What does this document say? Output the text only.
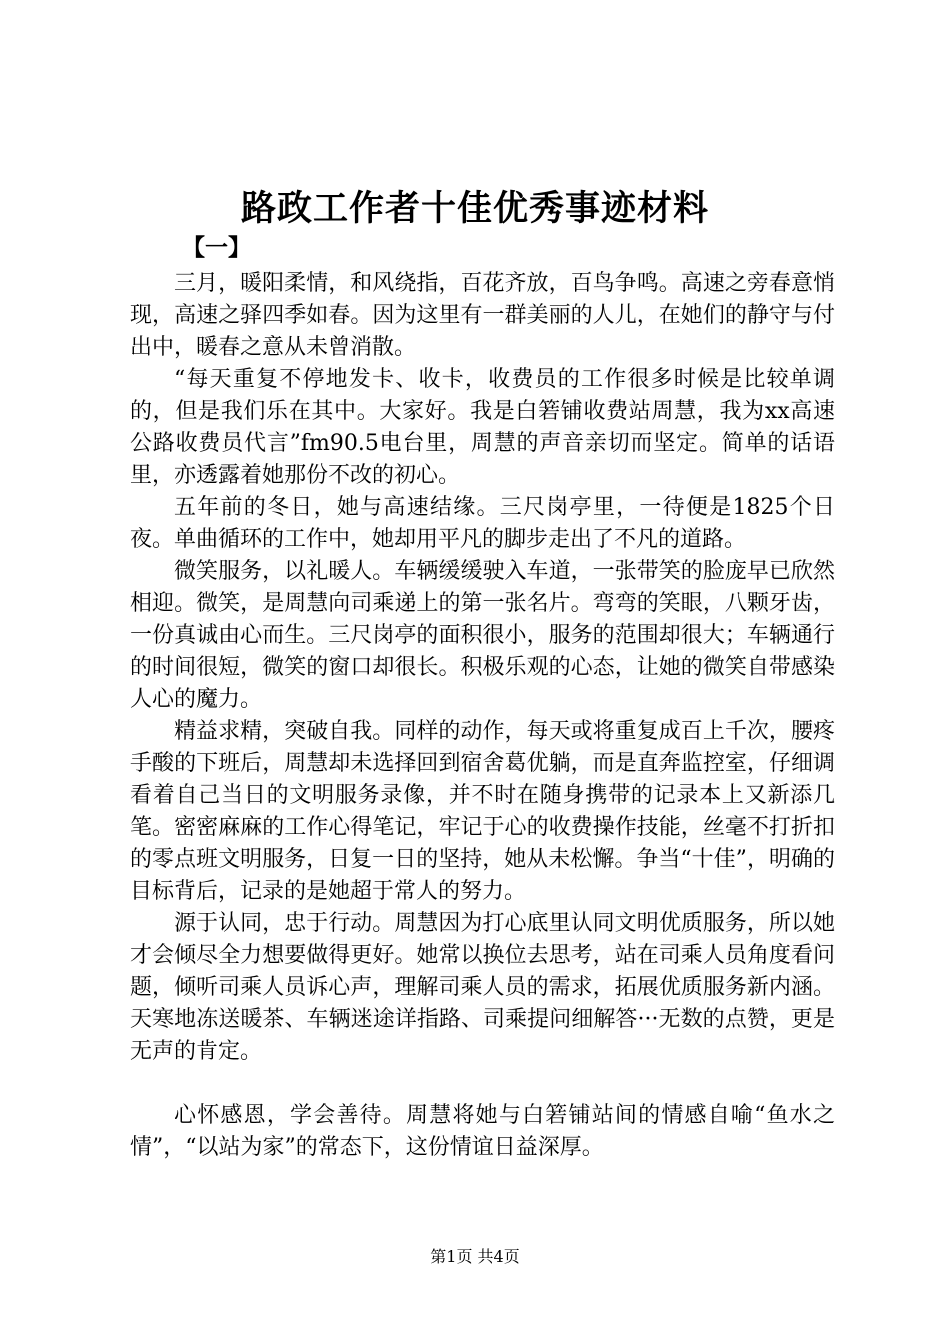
路政工作者十佳优秀事迹材料
【一】

三月，暖阳柔情，和风绕指，百花齐放，百鸟争鸣。高速之旁春意悄现，高速之驿四季如春。因为这里有一群美丽的人儿，在她们的静守与付出中，暖春之意从未曾消散。

“每天重复不停地发卡、收卡，收费员的工作很多时候是比较单调的，但是我们乐在其中。大家好。我是白箬铺收费站周慧，我为xx高速公路收费员代言”fm90.5电台里，周慧的声音亲切而坚定。简单的话语里，亦透露着她那份不改的初心。

五年前的冬日，她与高速结缘。三尺岗亭里，一待便是1825个日夜。单曲循环的工作中，她却用平凡的脚步走出了不凡的道路。

微笑服务，以礼暖人。车辆缓缓驶入车道，一张带笑的脸庞早已欣然相迎。微笑，是周慧向司乘递上的第一张名片。弯弯的笑眼，八颗牙齿，一份真诚由心而生。三尺岗亭的面积很小，服务的范围却很大；车辆通行的时间很短，微笑的窗口却很长。积极乐观的心态，让她的微笑自带感染人心的魔力。

精益求精，突破自我。同样的动作，每天或将重复成百上千次，腰疼手酸的下班后，周慧却未选择回到宿舍葛优躺，而是直奔监控室，仔细调看着自己当日的文明服务录像，并不时在随身携带的记录本上又新添几笔。密密麻麻的工作心得笔记，牢记于心的收费操作技能，丝毫不打折扣的零点班文明服务，日复一日的坚持，她从未松懈。争当“十佳”，明确的目标背后，记录的是她超于常人的努力。

源于认同，忠于行动。周慧因为打心底里认同文明优质服务，所以她才会倾尽全力想要做得更好。她常以换位去思考，站在司乘人员角度看问题，倾听司乘人员诉心声，理解司乘人员的需求，拓展优质服务新内涵。天寒地冻送暖茶、车辆迷途详指路、司乘提问细解答···无数的点赞，更是无声的肯定。

心怀感恩，学会善待。周慧将她与白箬铺站间的情感自喻“鱼水之情”，“以站为家”的常态下，这份情谊日益深厚。

第1页 共4页
